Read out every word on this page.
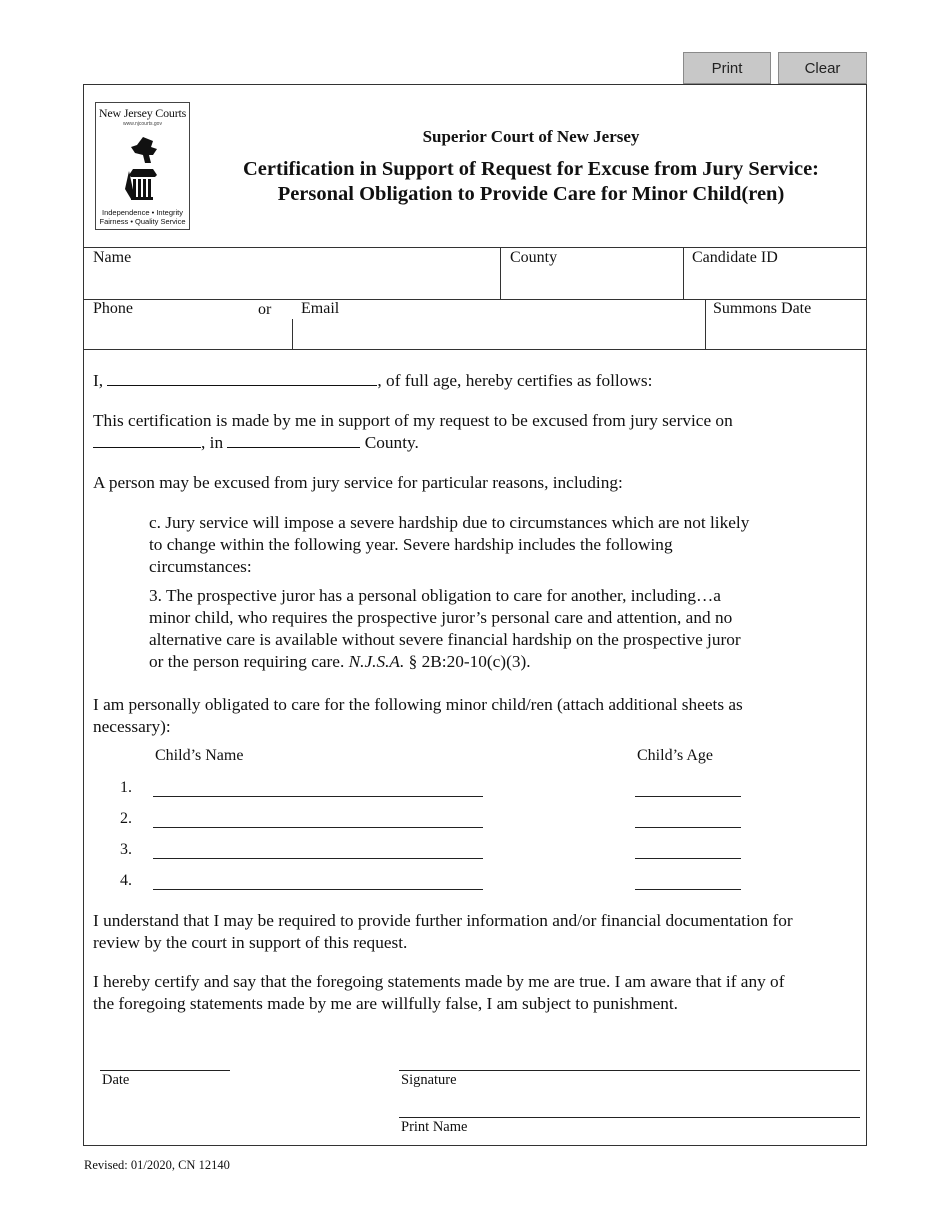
Print	Clear
New Jersey Courts
www.njcourts.gov
Independence • Integrity
Fairness • Quality Service
Superior Court of New Jersey
Certification in Support of Request for Excuse from Jury Service:
Personal Obligation to Provide Care for Minor Child(ren)
Name	County	Candidate ID
Phone	or Email	Summons Date
I,	, of full age, hereby certifies as follows:
This certification is made by me in support of my request to be excused from jury service on
, in	County.
A person may be excused from jury service for particular reasons, including:
c. Jury service will impose a severe hardship due to circumstances which are not likely
to change within the following year. Severe hardship includes the following
circumstances:
3. The prospective juror has a personal obligation to care for another, including…a
minor child, who requires the prospective juror’s personal care and attention, and no
alternative care is available without severe financial hardship on the prospective juror
or the person requiring care. N.J.S.A. § 2B:20-10(c)(3).
I am personally obligated to care for the following minor child/ren (attach additional sheets as
necessary):
Child’s Name	Child’s Age
1.
2.
3.
4.
I understand that I may be required to provide further information and/or financial documentation for
review by the court in support of this request.
I hereby certify and say that the foregoing statements made by me are true. I am aware that if any of
the foregoing statements made by me are willfully false, I am subject to punishment.
Date	Signature
Print Name
Revised: 01/2020, CN 12140
